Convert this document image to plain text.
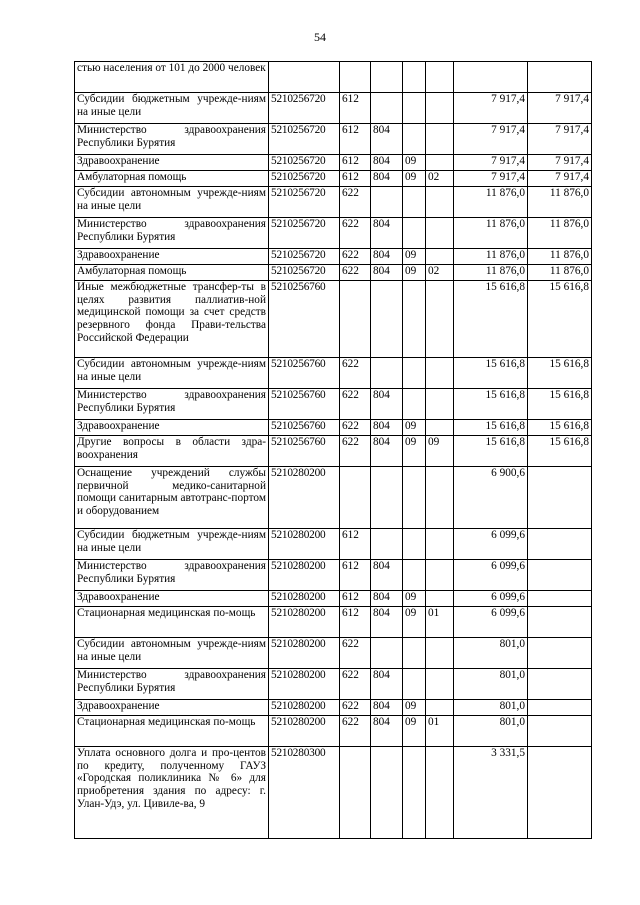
54
стью населения от 101 до 2000 человек							
Субсидии бюджетным учрежде-ниям на иные цели	5210256720	612				7 917,4	7 917,4
Министерство здравоохранения Республики Бурятия	5210256720	612	804			7 917,4	7 917,4
Здравоохранение	5210256720	612	804	09		7 917,4	7 917,4
Амбулаторная помощь	5210256720	612	804	09	02	7 917,4	7 917,4
Субсидии автономным учрежде-ниям на иные цели	5210256720	622				11 876,0	11 876,0
Министерство здравоохранения Республики Бурятия	5210256720	622	804			11 876,0	11 876,0
Здравоохранение	5210256720	622	804	09		11 876,0	11 876,0
Амбулаторная помощь	5210256720	622	804	09	02	11 876,0	11 876,0
Иные межбюджетные трансфер-ты в целях развития паллиатив-ной медицинской помощи за счет средств резервного фонда Прави-тельства Российской Федерации	5210256760					15 616,8	15 616,8
Субсидии автономным учрежде-ниям на иные цели	5210256760	622				15 616,8	15 616,8
Министерство здравоохранения Республики Бурятия	5210256760	622	804			15 616,8	15 616,8
Здравоохранение	5210256760	622	804	09		15 616,8	15 616,8
Другие вопросы в области здра-воохранения	5210256760	622	804	09	09	15 616,8	15 616,8
Оснащение учреждений службы первичной медико-санитарной помощи санитарным автотранс-портом и оборудованием	5210280200					6 900,6	
Субсидии бюджетным учрежде-ниям на иные цели	5210280200	612				6 099,6	
Министерство здравоохранения Республики Бурятия	5210280200	612	804			6 099,6	
Здравоохранение	5210280200	612	804	09		6 099,6	
Стационарная медицинская по-мощь	5210280200	612	804	09	01	6 099,6	
Субсидии автономным учрежде-ниям на иные цели	5210280200	622				801,0	
Министерство здравоохранения Республики Бурятия	5210280200	622	804			801,0	
Здравоохранение	5210280200	622	804	09		801,0	
Стационарная медицинская по-мощь	5210280200	622	804	09	01	801,0	
Уплата основного долга и про-центов по кредиту, полученному ГАУЗ «Городская поликлиника № 6» для приобретения здания по адресу: г. Улан-Удэ, ул. Цивиле-ва, 9	5210280300					3 331,5	
